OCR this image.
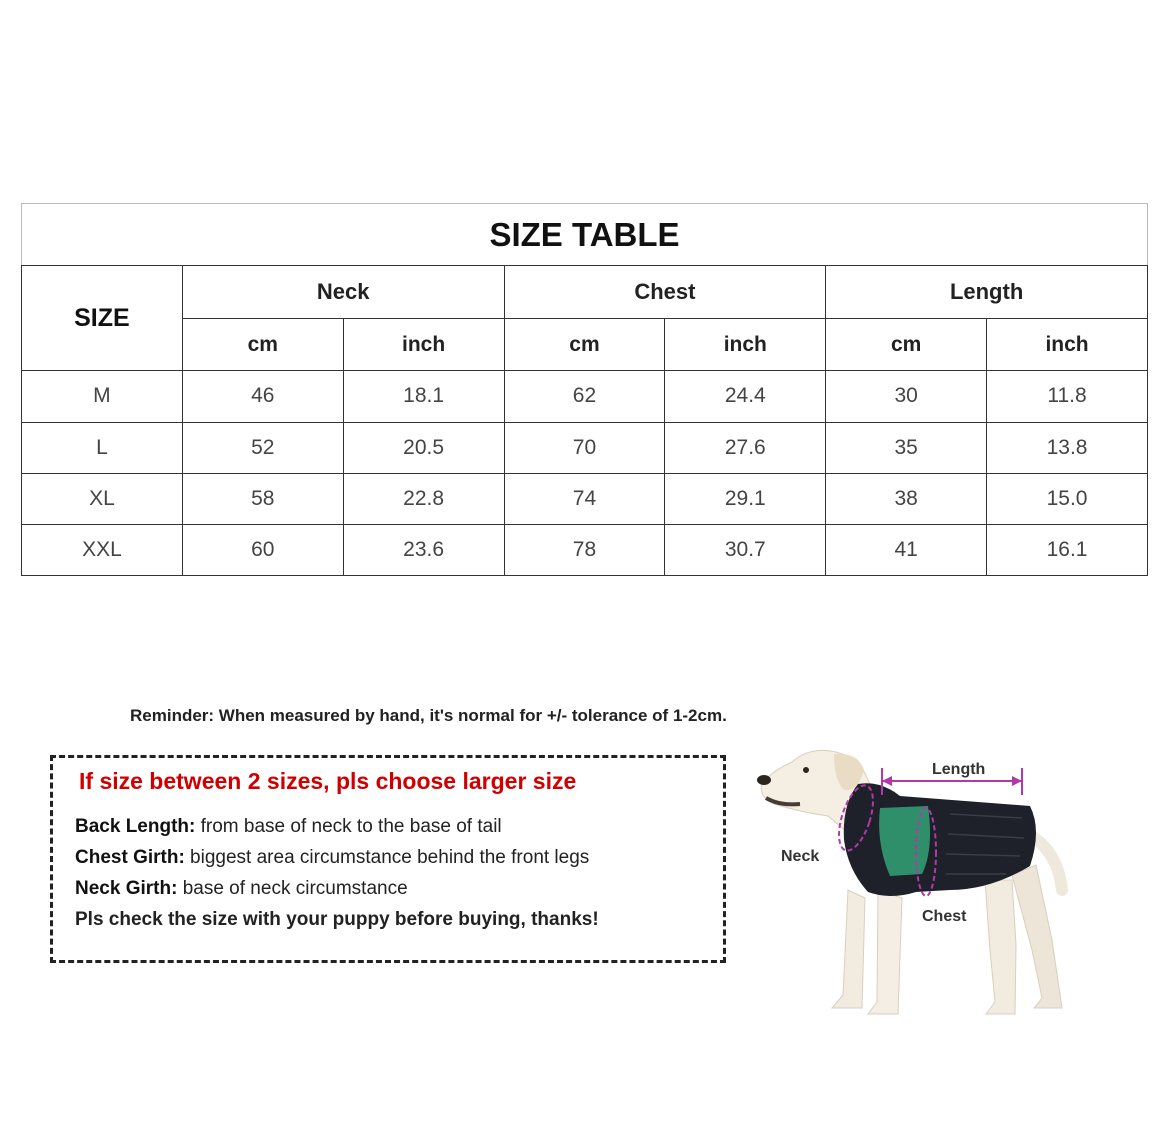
SIZE TABLE						
SIZE	Neck		Chest		Length	
	cm	inch	cm	inch	cm	inch
M	46	18.1	62	24.4	30	11.8
L	52	20.5	70	27.6	35	13.8
XL	58	22.8	74	29.1	38	15.0
XXL	60	23.6	78	30.7	41	16.1
Reminder: When measured by hand, it's normal for +/- tolerance of 1-2cm.
If size between 2 sizes, pls choose larger size
Back Length: from base of neck to the base of tail
Chest Girth: biggest area circumstance behind the front legs
Neck Girth: base of neck circumstance
Pls check the size with your puppy before buying, thanks!
Length
Neck
Chest
